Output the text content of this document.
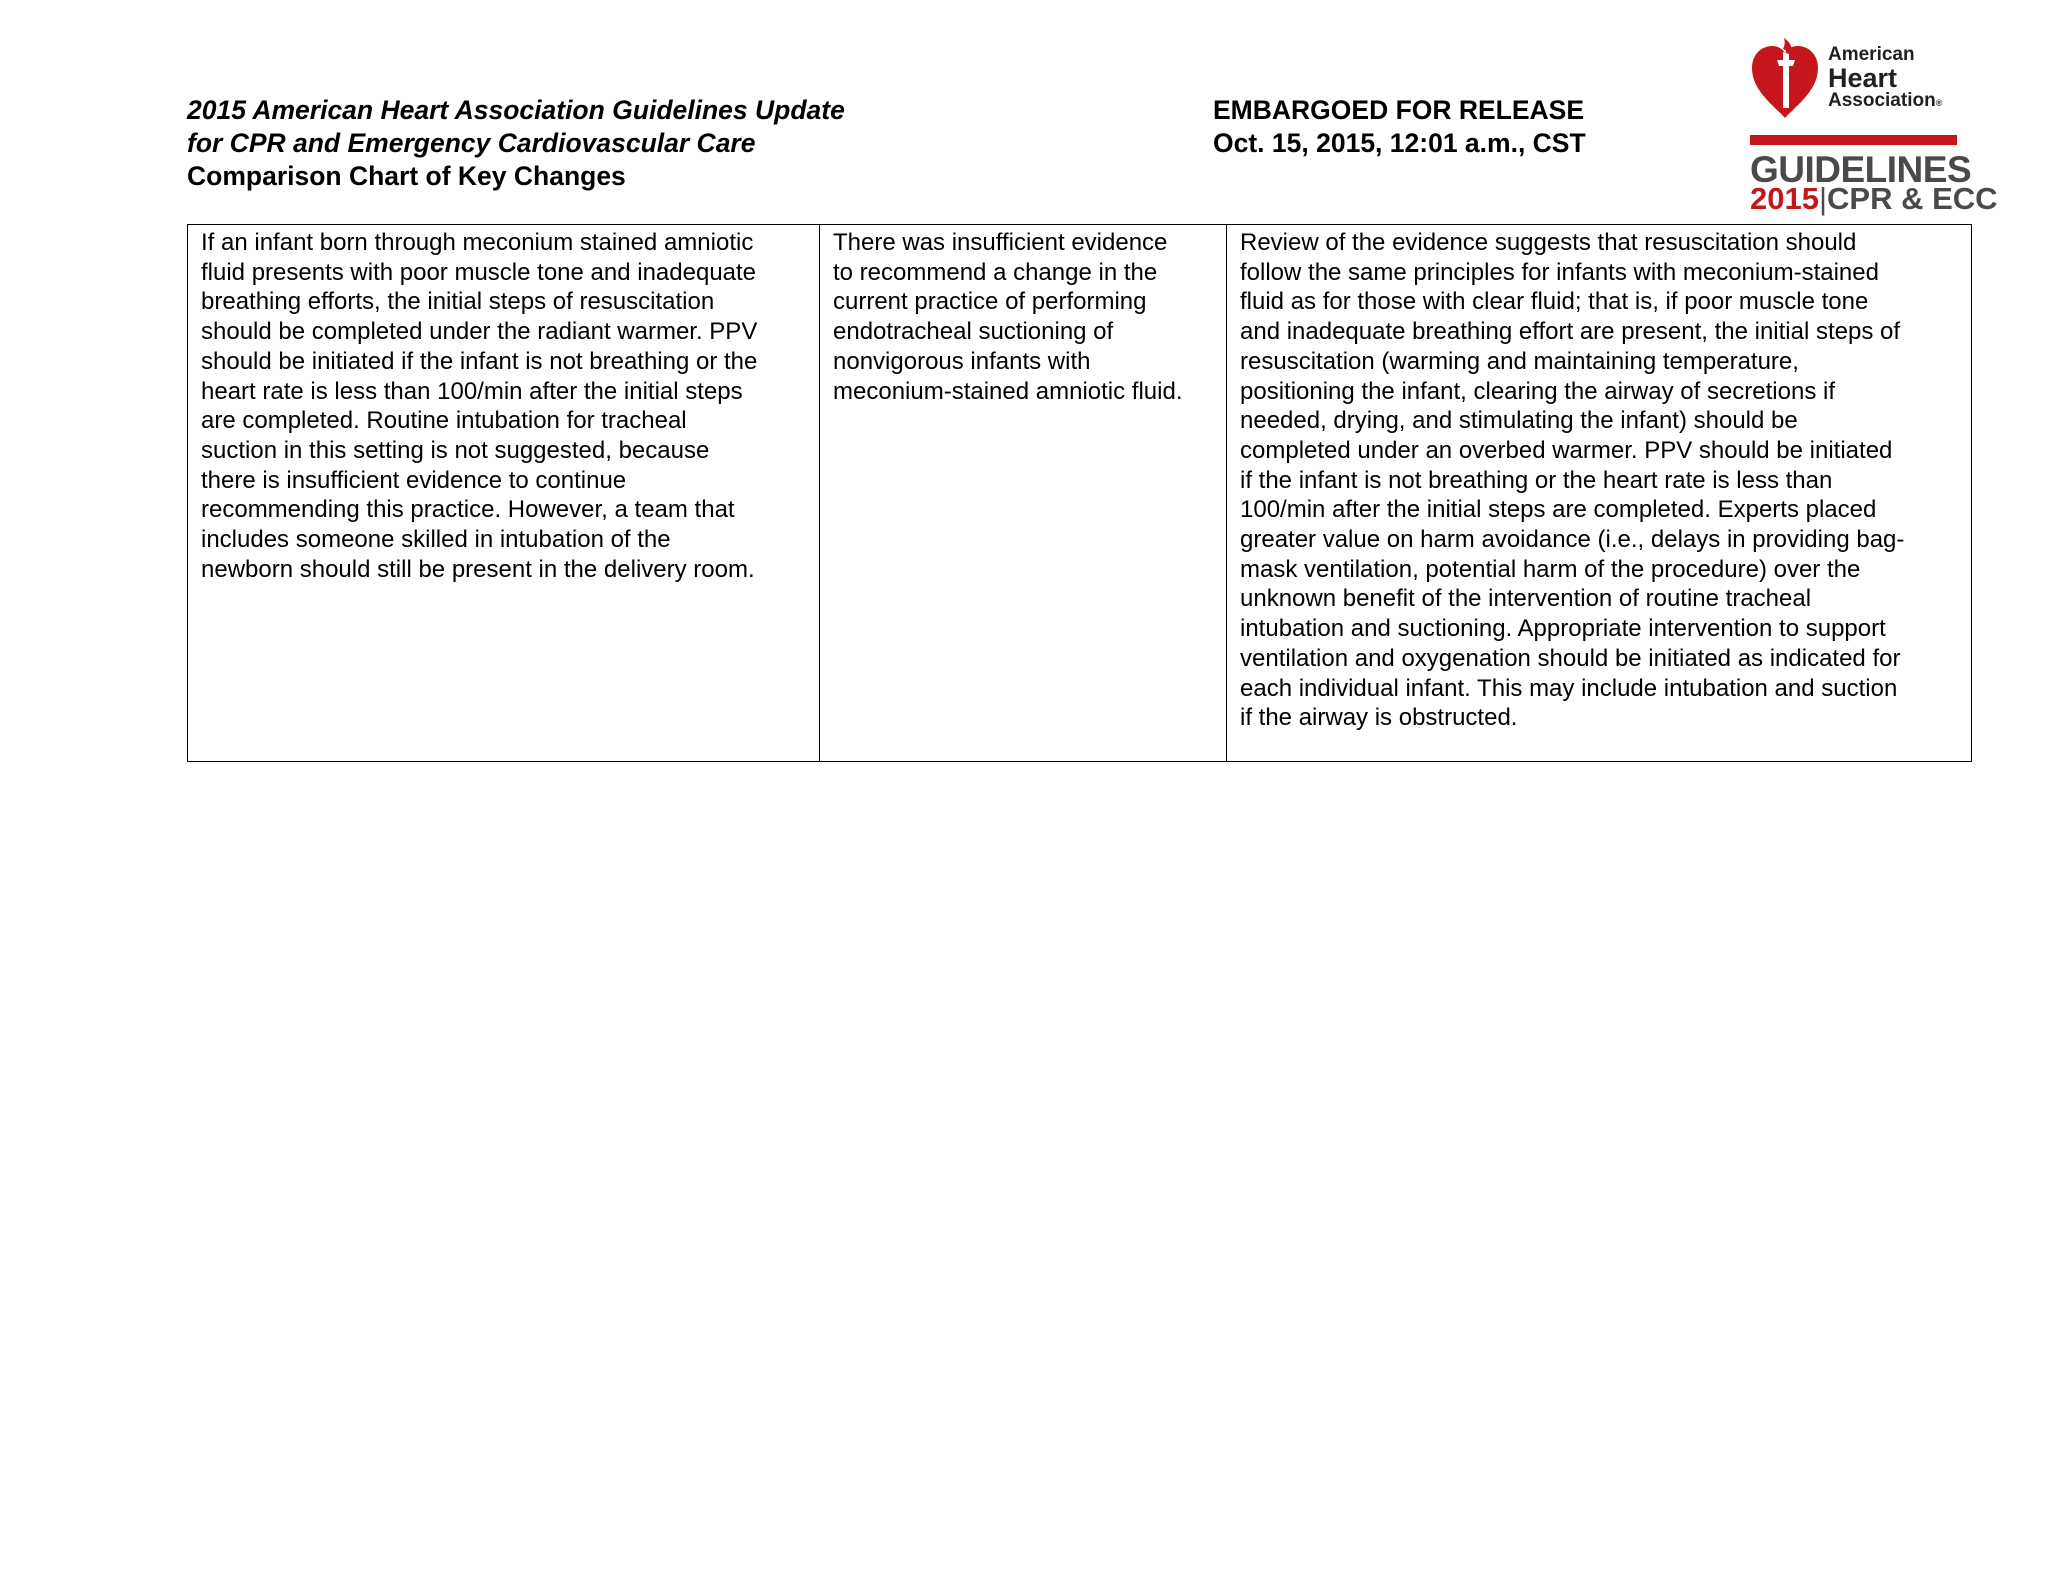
2015 American Heart Association Guidelines Update
for CPR and Emergency Cardiovascular Care
Comparison Chart of Key Changes
EMBARGOED FOR RELEASE
Oct. 15, 2015, 12:01 a.m., CST
American
Heart
Association®
GUIDELINES
2015|CPR & ECC
If an infant born through meconium stained amniotic
fluid presents with poor muscle tone and inadequate
breathing efforts, the initial steps of resuscitation
should be completed under the radiant warmer. PPV
should be initiated if the infant is not breathing or the
heart rate is less than 100/min after the initial steps
are completed. Routine intubation for tracheal
suction in this setting is not suggested, because
there is insufficient evidence to continue
recommending this practice. However, a team that
includes someone skilled in intubation of the
newborn should still be present in the delivery room.

There was insufficient evidence
to recommend a change in the
current practice of performing
endotracheal suctioning of
nonvigorous infants with
meconium-stained amniotic fluid.

Review of the evidence suggests that resuscitation should
follow the same principles for infants with meconium-stained
fluid as for those with clear fluid; that is, if poor muscle tone
and inadequate breathing effort are present, the initial steps of
resuscitation (warming and maintaining temperature,
positioning the infant, clearing the airway of secretions if
needed, drying, and stimulating the infant) should be
completed under an overbed warmer. PPV should be initiated
if the infant is not breathing or the heart rate is less than
100/min after the initial steps are completed. Experts placed
greater value on harm avoidance (i.e., delays in providing bag-
mask ventilation, potential harm of the procedure) over the
unknown benefit of the intervention of routine tracheal
intubation and suctioning. Appropriate intervention to support
ventilation and oxygenation should be initiated as indicated for
each individual infant. This may include intubation and suction
if the airway is obstructed.
